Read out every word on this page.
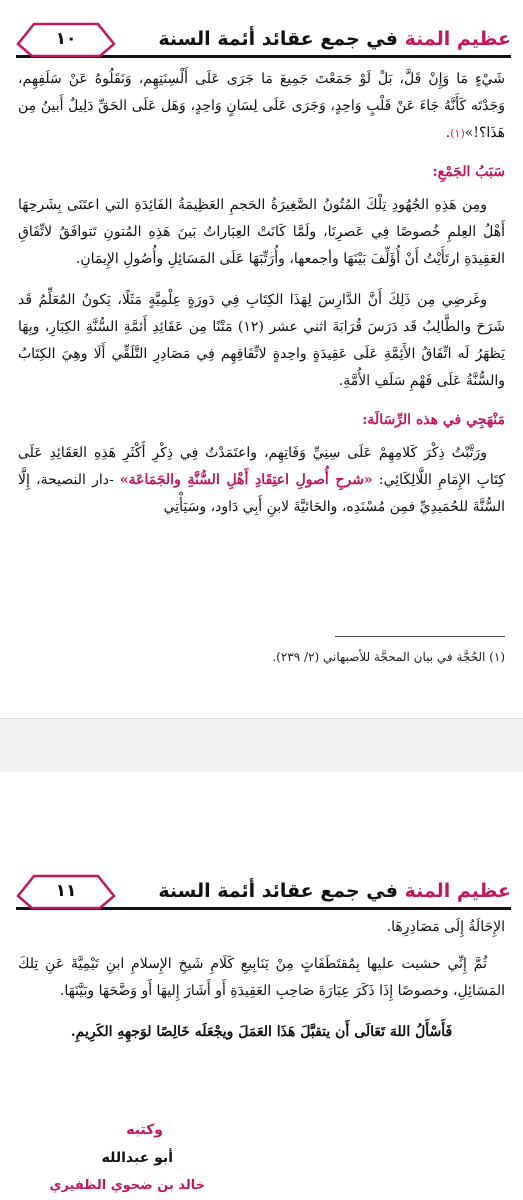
عظيم المنة في جمع عقائد أئمة السنة
١٠

شَيْءٍ مَا وَإِنْ قَلَّ، بَلْ لَوْ جَمَعْتَ جَمِيعَ مَا جَرَى عَلَى أَلْسِنَتِهِم، وَنَقَلُوهُ عَنْ سَلَفِهِم، وَجَدْتَه كَأَنَّهُ جَاءَ عَنْ قَلْبٍ وَاحِدٍ، وَجَرَى عَلَى لِسَانٍ وَاحِدٍ، وَهَل عَلَى الحَقِّ دَلِيلٌ أَبينُ مِن هَذَا؟!»(١).

سَبَبُ الجَمْعِ:

ومِن هَذِهِ الجُهُودِ تِلْكَ المُتُونُ الصَّغِيرَةُ الحَجمِ العَظِيمَةُ الفَائِدَةِ التي اعتَنَى بِشَرحِهَا أَهْلُ العِلمِ خُصوصًا فِي عَصرِنَا، ولَمَّا كَانَتْ العِبَاراتُ بَينَ هَذِهِ المُتونِ تَتوافَقُ لاتِّفَاقِ العَقِيدَةِ ارتَأَيْتُ أَنْ أُؤَلِّفَ بَيْنَهَا وأجمعها، وأُرَتِّبَهَا عَلَى المَسَائِلِ وأُصُولِ الإِيمَانِ.

وغَرضِي مِن ذَلِكَ أَنَّ الدَّارِسَ لِهَذَا الكِتَابِ فِي دَورَةٍ عِلْمِيَّةٍ مَثَلًا، يَكونُ المُعَلِّمُ قَد شَرَحَ والطَّالِبُ قَد دَرَسَ قُرَابَةَ اثني عشر (١٢) مَتْنًا مِن عَقَائِدِ أَئمَّةِ السُّنَّةِ الكِبَارِ، وبِهَا يَظهَرُ لَه اتِّفَاقُ الأَئِمَّةِ عَلَى عَقِيدَةٍ واحِدةٍ لاتِّفَاقِهِم فِي مَصَادِرِ التَّلَقِّي أَلَا وهِيَ الكِتَابُ والسُّنَّةُ عَلَى فَهْمِ سَلَفِ الأُمَّةِ.

مَنْهَجِي في هذه الرِّسَالَة:

ورَتَّبْتُ ذِكْرَ كَلامِهِمْ عَلَى سِنِيِّ وَفَاتِهِم، واعتَمَدْتُ فِي ذِكْرِ أَكْثَرِ هَذِهِ العَقَائِدِ عَلَى كِتَابِ الإِمَامِ اللَّالِكَائِي: «شرحِ أُصولِ اعتِقَادِ أَهْلِ السُّنَّةِ والجَمَاعَة» -دار النصيحة، إِلَّا السُّنَّةَ للحُمَيدِيِّ فمِن مُسْنَدِه، والحَائيَّةَ لابنِ أَبِي دَاود، وسَيَأْتِي

(١) الحُجَّة في بيان المحجَّة للأصبهاني (٢/ ٢٣٩).
عظيم المنة في جمع عقائد أئمة السنة
١١

الإِحَالَةُ إِلَى مَصَادِرِهَا.

ثُمَّ إِنِّي حشيت عليها بِمُقتَطَفَاتٍ مِنْ يَنَابِيعِ كَلَامِ شَيخِ الإِسلامِ ابنِ تَيْمِيَّةَ عَنِ تِلكَ المَسَائِلِ، وخصوصًا إِذَا ذَكَرَ عِبَارَةَ صَاحِبِ العَقِيدَةِ أَو أَشَارَ إِليهَا أَو وَضَّحَهَا وبَيَّنَهَا.

فَأَسْأَلُ اللهَ تَعَالَى أَن يتقبَّلَ هَذَا العَمَلَ ويجْعَلَه خَالِصًا لوَجهِهِ الكَرِيمِ.

وكتبه
أبو عبدالله
خالد بن ضحوي الظفيري
